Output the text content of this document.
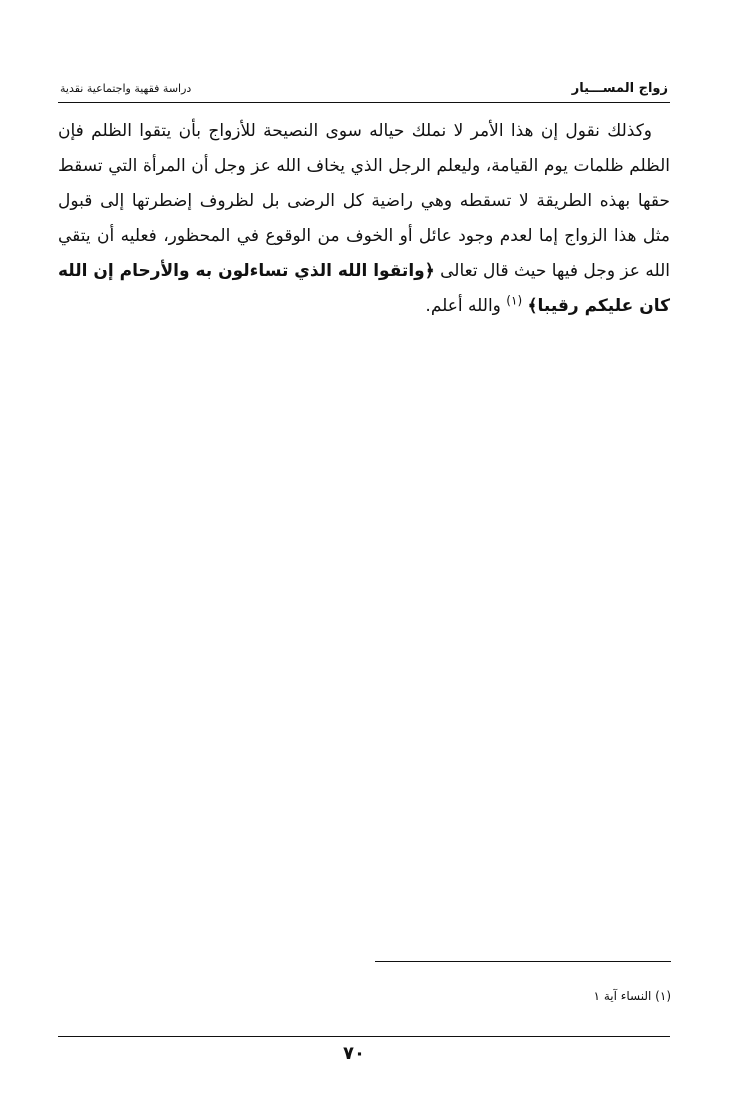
زواج المســـيار
دراسة فقهية واجتماعية نقدية

وكذلك نقول إن هذا الأمر لا نملك حياله سوى النصيحة للأزواج بأن يتقوا الظلم فإن الظلم ظلمات يوم القيامة، وليعلم الرجل الذي يخاف الله عز وجل أن المرأة التي تسقط حقها بهذه الطريقة لا تسقطه وهي راضية كل الرضى بل لظروف إضطرتها إلى قبول مثل هذا الزواج إما لعدم وجود عائل أو الخوف من الوقوع في المحظور، فعليه أن يتقي الله عز وجل فيها حيث قال تعالى ﴿واتقوا الله الذي تساءلون به والأرحام إن الله كان عليكم رقيبا﴾ $^{(١)}$ والله أعلم.

(١) النساء آية ١
٧٠
